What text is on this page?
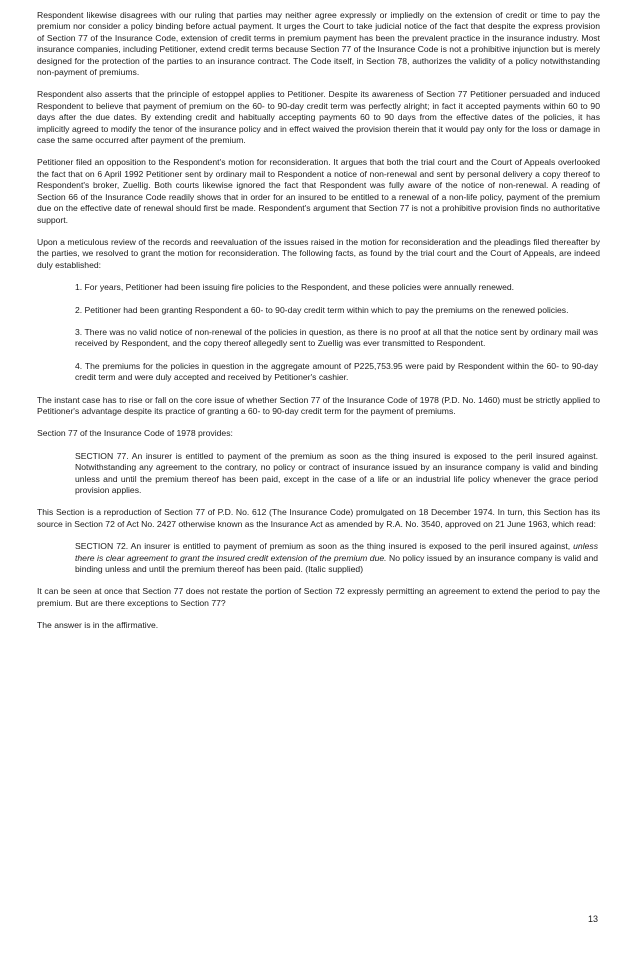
Respondent likewise disagrees with our ruling that parties may neither agree expressly or impliedly on the extension of credit or time to pay the premium nor consider a policy binding before actual payment. It urges the Court to take judicial notice of the fact that despite the express provision of Section 77 of the Insurance Code, extension of credit terms in premium payment has been the prevalent practice in the insurance industry. Most insurance companies, including Petitioner, extend credit terms because Section 77 of the Insurance Code is not a prohibitive injunction but is merely designed for the protection of the parties to an insurance contract. The Code itself, in Section 78, authorizes the validity of a policy notwithstanding non-payment of premiums.

Respondent also asserts that the principle of estoppel applies to Petitioner. Despite its awareness of Section 77 Petitioner persuaded and induced Respondent to believe that payment of premium on the 60- to 90-day credit term was perfectly alright; in fact it accepted payments within 60 to 90 days after the due dates. By extending credit and habitually accepting payments 60 to 90 days from the effective dates of the policies, it has implicitly agreed to modify the tenor of the insurance policy and in effect waived the provision therein that it would pay only for the loss or damage in case the same occurred after payment of the premium.

Petitioner filed an opposition to the Respondent's motion for reconsideration. It argues that both the trial court and the Court of Appeals overlooked the fact that on 6 April 1992 Petitioner sent by ordinary mail to Respondent a notice of non-renewal and sent by personal delivery a copy thereof to Respondent's broker, Zuellig. Both courts likewise ignored the fact that Respondent was fully aware of the notice of non-renewal. A reading of Section 66 of the Insurance Code readily shows that in order for an insured to be entitled to a renewal of a non-life policy, payment of the premium due on the effective date of renewal should first be made. Respondent's argument that Section 77 is not a prohibitive provision finds no authoritative support.

Upon a meticulous review of the records and reevaluation of the issues raised in the motion for reconsideration and the pleadings filed thereafter by the parties, we resolved to grant the motion for reconsideration. The following facts, as found by the trial court and the Court of Appeals, are indeed duly established:

1. For years, Petitioner had been issuing fire policies to the Respondent, and these policies were annually renewed.

2. Petitioner had been granting Respondent a 60- to 90-day credit term within which to pay the premiums on the renewed policies.

3. There was no valid notice of non-renewal of the policies in question, as there is no proof at all that the notice sent by ordinary mail was received by Respondent, and the copy thereof allegedly sent to Zuellig was ever transmitted to Respondent.

4. The premiums for the policies in question in the aggregate amount of P225,753.95 were paid by Respondent within the 60- to 90-day credit term and were duly accepted and received by Petitioner's cashier.

The instant case has to rise or fall on the core issue of whether Section 77 of the Insurance Code of 1978 (P.D. No. 1460) must be strictly applied to Petitioner's advantage despite its practice of granting a 60- to 90-day credit term for the payment of premiums.

Section 77 of the Insurance Code of 1978 provides:

SECTION 77. An insurer is entitled to payment of the premium as soon as the thing insured is exposed to the peril insured against. Notwithstanding any agreement to the contrary, no policy or contract of insurance issued by an insurance company is valid and binding unless and until the premium thereof has been paid, except in the case of a life or an industrial life policy whenever the grace period provision applies.

This Section is a reproduction of Section 77 of P.D. No. 612 (The Insurance Code) promulgated on 18 December 1974. In turn, this Section has its source in Section 72 of Act No. 2427 otherwise known as the Insurance Act as amended by R.A. No. 3540, approved on 21 June 1963, which read:

SECTION 72. An insurer is entitled to payment of premium as soon as the thing insured is exposed to the peril insured against, unless there is clear agreement to grant the insured credit extension of the premium due. No policy issued by an insurance company is valid and binding unless and until the premium thereof has been paid. (Italic supplied)

It can be seen at once that Section 77 does not restate the portion of Section 72 expressly permitting an agreement to extend the period to pay the premium. But are there exceptions to Section 77?

The answer is in the affirmative.

13
